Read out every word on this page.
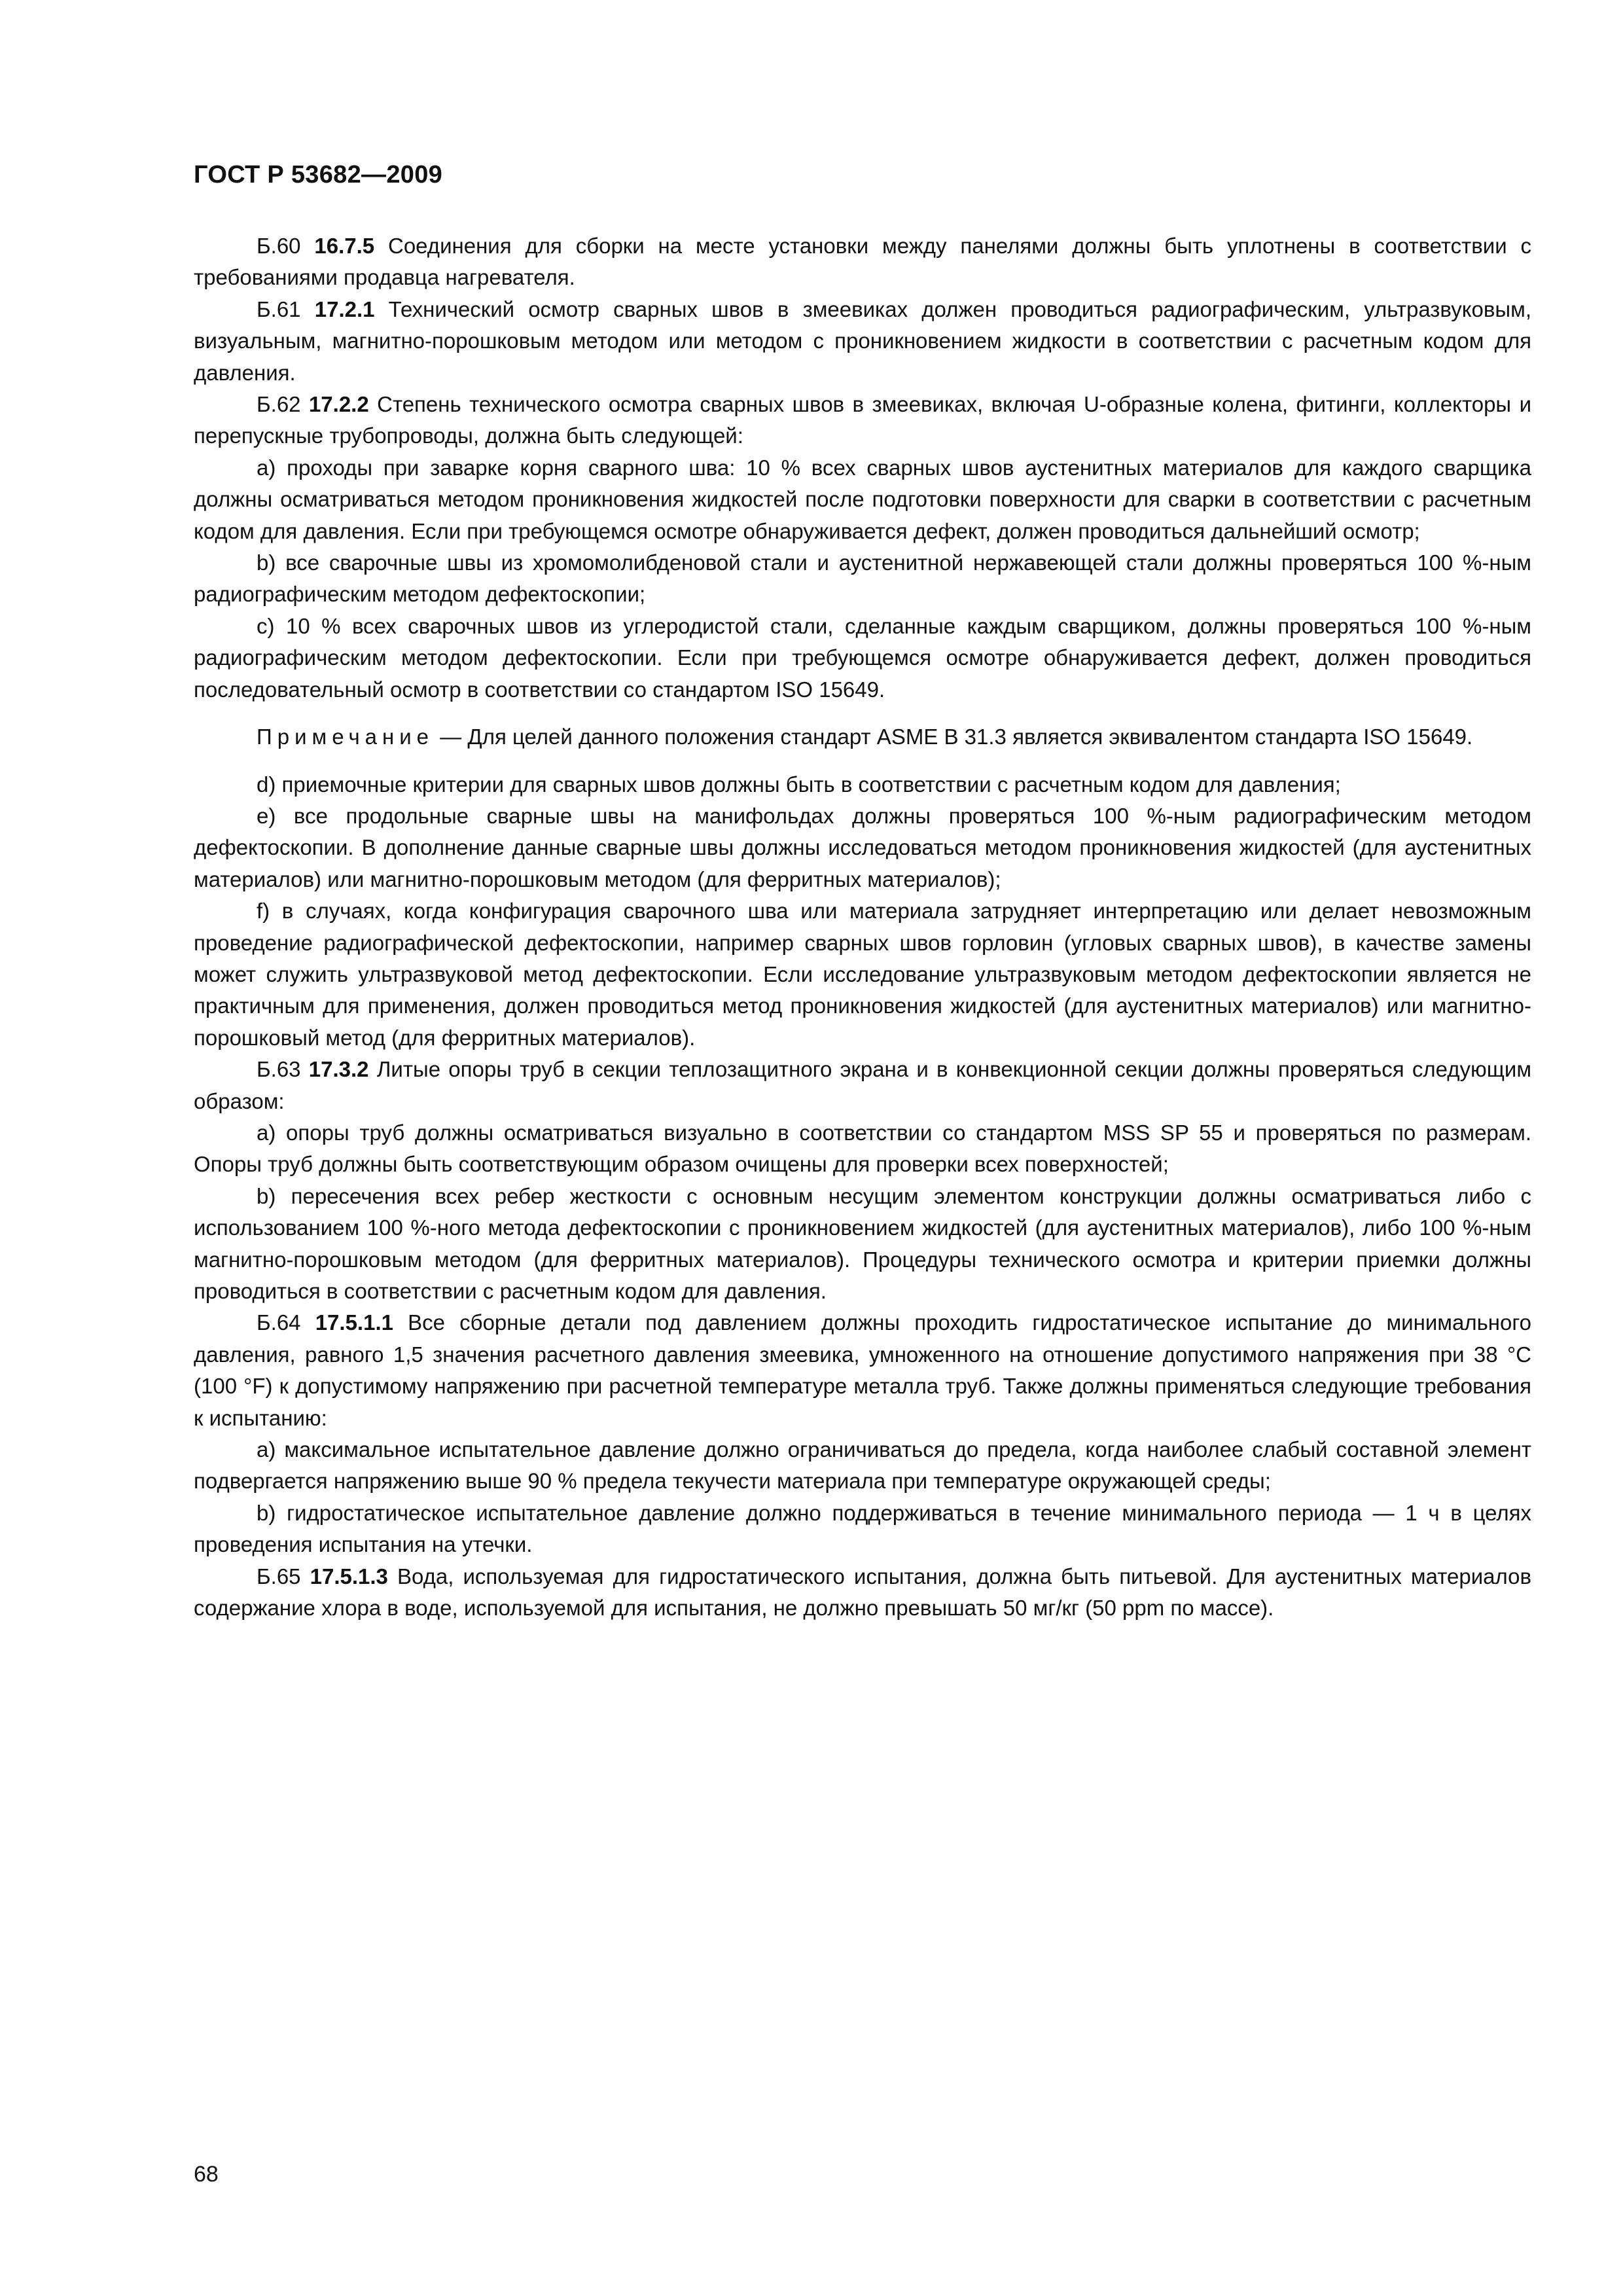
ГОСТ Р 53682—2009

Б.60 16.7.5 Соединения для сборки на месте установки между панелями должны быть уплотнены в соответствии с требованиями продавца нагревателя.

Б.61 17.2.1 Технический осмотр сварных швов в змеевиках должен проводиться радиографическим, ультразвуковым, визуальным, магнитно-порошковым методом или методом с проникновением жидкости в соответствии с расчетным кодом для давления.

Б.62 17.2.2 Степень технического осмотра сварных швов в змеевиках, включая U-образные колена, фитинги, коллекторы и перепускные трубопроводы, должна быть следующей:

a) проходы при заварке корня сварного шва: 10 % всех сварных швов аустенитных материалов для каждого сварщика должны осматриваться методом проникновения жидкостей после подготовки поверхности для сварки в соответствии с расчетным кодом для давления. Если при требующемся осмотре обнаруживается дефект, должен проводиться дальнейший осмотр;

b) все сварочные швы из хромомолибденовой стали и аустенитной нержавеющей стали должны проверяться 100 %-ным радиографическим методом дефектоскопии;

c) 10 % всех сварочных швов из углеродистой стали, сделанные каждым сварщиком, должны проверяться 100 %-ным радиографическим методом дефектоскопии. Если при требующемся осмотре обнаруживается дефект, должен проводиться последовательный осмотр в соответствии со стандартом ISO 15649.

Примечание — Для целей данного положения стандарт ASME B 31.3 является эквивалентом стандарта ISO 15649.

d) приемочные критерии для сварных швов должны быть в соответствии с расчетным кодом для давления;

e) все продольные сварные швы на манифольдах должны проверяться 100 %-ным радиографическим методом дефектоскопии. В дополнение данные сварные швы должны исследоваться методом проникновения жидкостей (для аустенитных материалов) или магнитно-порошковым методом (для ферритных материалов);

f) в случаях, когда конфигурация сварочного шва или материала затрудняет интерпретацию или делает невозможным проведение радиографической дефектоскопии, например сварных швов горловин (угловых сварных швов), в качестве замены может служить ультразвуковой метод дефектоскопии. Если исследование ультразвуковым методом дефектоскопии является не практичным для применения, должен проводиться метод проникновения жидкостей (для аустенитных материалов) или магнитно-порошковый метод (для ферритных материалов).

Б.63 17.3.2 Литые опоры труб в секции теплозащитного экрана и в конвекционной секции должны проверяться следующим образом:

a) опоры труб должны осматриваться визуально в соответствии со стандартом MSS SP 55 и проверяться по размерам. Опоры труб должны быть соответствующим образом очищены для проверки всех поверхностей;

b) пересечения всех ребер жесткости с основным несущим элементом конструкции должны осматриваться либо с использованием 100 %-ного метода дефектоскопии с проникновением жидкостей (для аустенитных материалов), либо 100 %-ным магнитно-порошковым методом (для ферритных материалов). Процедуры технического осмотра и критерии приемки должны проводиться в соответствии с расчетным кодом для давления.

Б.64 17.5.1.1 Все сборные детали под давлением должны проходить гидростатическое испытание до минимального давления, равного 1,5 значения расчетного давления змеевика, умноженного на отношение допустимого напряжения при 38 °С (100 °F) к допустимому напряжению при расчетной температуре металла труб. Также должны применяться следующие требования к испытанию:

a) максимальное испытательное давление должно ограничиваться до предела, когда наиболее слабый составной элемент подвергается напряжению выше 90 % предела текучести материала при температуре окружающей среды;

b) гидростатическое испытательное давление должно поддерживаться в течение минимального периода — 1 ч в целях проведения испытания на утечки.

Б.65 17.5.1.3 Вода, используемая для гидростатического испытания, должна быть питьевой. Для аустенитных материалов содержание хлора в воде, используемой для испытания, не должно превышать 50 мг/кг (50 ppm по массе).

68
